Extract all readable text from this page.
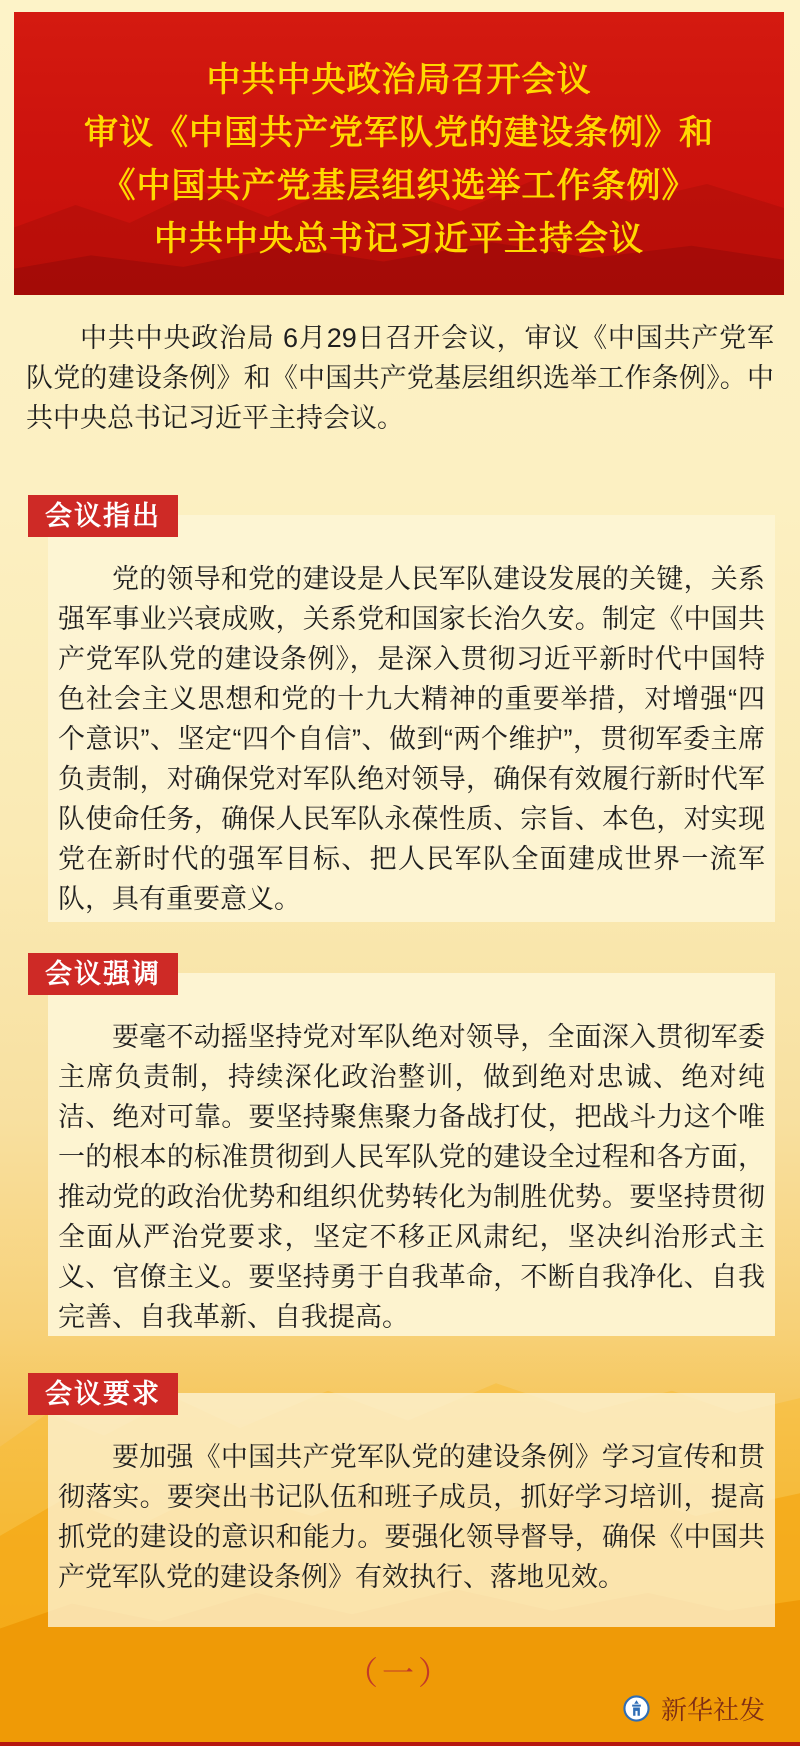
中共中央政治局召开会议
审议《中国共产党军队党的建设条例》和
《中国共产党基层组织选举工作条例》
中共中央总书记习近平主持会议

中共中央政治局 6月29日召开会议，审议《中国共产党军队党的建设条例》和《中国共产党基层组织选举工作条例》。中共中央总书记习近平主持会议。

会议指出

党的领导和党的建设是人民军队建设发展的关键，关系强军事业兴衰成败，关系党和国家长治久安。制定《中国共产党军队党的建设条例》，是深入贯彻习近平新时代中国特色社会主义思想和党的十九大精神的重要举措，对增强“四个意识”、坚定“四个自信”、做到“两个维护”，贯彻军委主席负责制，对确保党对军队绝对领导，确保有效履行新时代军队使命任务，确保人民军队永葆性质、宗旨、本色，对实现党在新时代的强军目标、把人民军队全面建成世界一流军队，具有重要意义。

会议强调

要毫不动摇坚持党对军队绝对领导，全面深入贯彻军委主席负责制，持续深化政治整训，做到绝对忠诚、绝对纯洁、绝对可靠。要坚持聚焦聚力备战打仗，把战斗力这个唯一的根本的标准贯彻到人民军队党的建设全过程和各方面，推动党的政治优势和组织优势转化为制胜优势。要坚持贯彻全面从严治党要求，坚定不移正风肃纪，坚决纠治形式主义、官僚主义。要坚持勇于自我革命，不断自我净化、自我完善、自我革新、自我提高。

会议要求

要加强《中国共产党军队党的建设条例》学习宣传和贯彻落实。要突出书记队伍和班子成员，抓好学习培训，提高抓党的建设的意识和能力。要强化领导督导，确保《中国共产党军队党的建设条例》有效执行、落地见效。

（一）
新华社发
